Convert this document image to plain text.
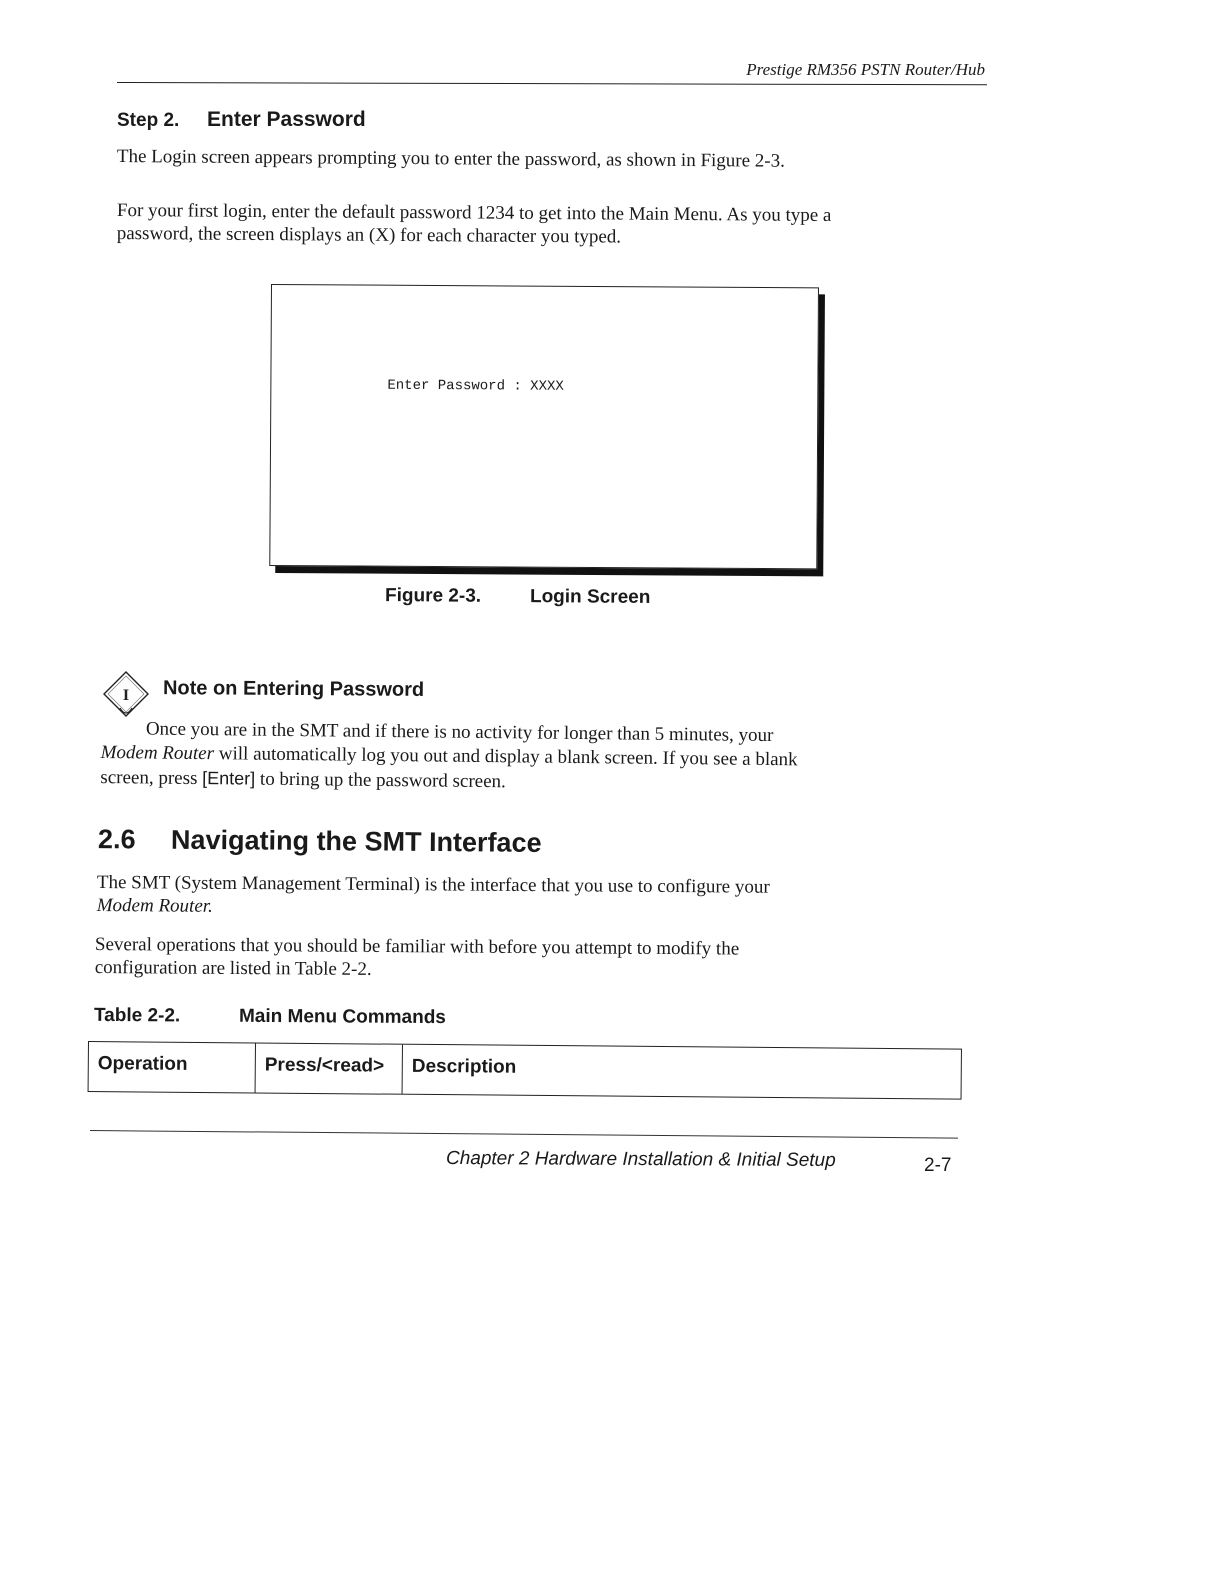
Prestige RM356 PSTN Router/Hub
Step 2. Enter Password
The Login screen appears prompting you to enter the password, as shown in Figure 2-3.
For your first login, enter the default password 1234 to get into the Main Menu. As you type a
password, the screen displays an (X) for each character you typed.
Enter Password : XXXX
Figure 2-3.	Login Screen
I Note on Entering Password
Once you are in the SMT and if there is no activity for longer than 5 minutes, your
Modem Router will automatically log you out and display a blank screen. If you see a blank
screen, press [Enter] to bring up the password screen.
2.6 Navigating the SMT Interface
The SMT (System Management Terminal) is the interface that you use to configure your
Modem Router.
Several operations that you should be familiar with before you attempt to modify the
configuration are listed in Table 2-2.
Table 2-2.	Main Menu Commands
Operation	Press/<read>	Description
Chapter 2 Hardware Installation & Initial Setup	2-7
